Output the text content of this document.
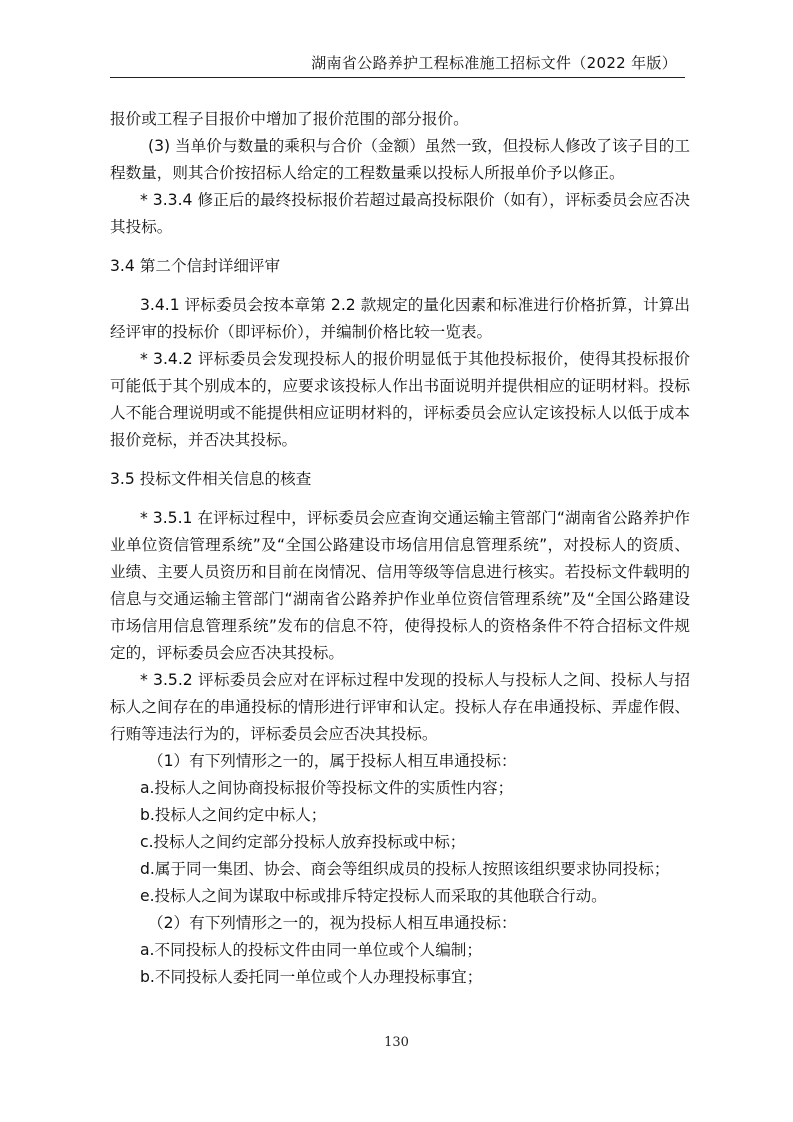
湖南省公路养护工程标准施工招标文件（2022 年版）

报价或工程子目报价中增加了报价范围的部分报价。

(3) 当单价与数量的乘积与合价（金额）虽然一致，但投标人修改了该子目的工程数量，则其合价按招标人给定的工程数量乘以投标人所报单价予以修正。

* 3.3.4 修正后的最终投标报价若超过最高投标限价（如有），评标委员会应否决其投标。

3.4 第二个信封详细评审

3.4.1 评标委员会按本章第 2.2 款规定的量化因素和标准进行价格折算，计算出经评审的投标价（即评标价），并编制价格比较一览表。

* 3.4.2 评标委员会发现投标人的报价明显低于其他投标报价，使得其投标报价可能低于其个别成本的，应要求该投标人作出书面说明并提供相应的证明材料。投标人不能合理说明或不能提供相应证明材料的，评标委员会应认定该投标人以低于成本报价竞标，并否决其投标。

3.5 投标文件相关信息的核查

* 3.5.1 在评标过程中，评标委员会应查询交通运输主管部门“湖南省公路养护作业单位资信管理系统”及“全国公路建设市场信用信息管理系统”，对投标人的资质、业绩、主要人员资历和目前在岗情况、信用等级等信息进行核实。若投标文件载明的信息与交通运输主管部门“湖南省公路养护作业单位资信管理系统”及“全国公路建设市场信用信息管理系统”发布的信息不符，使得投标人的资格条件不符合招标文件规定的，评标委员会应否决其投标。

* 3.5.2 评标委员会应对在评标过程中发现的投标人与投标人之间、投标人与招标人之间存在的串通投标的情形进行评审和认定。投标人存在串通投标、弄虚作假、行贿等违法行为的，评标委员会应否决其投标。

（1）有下列情形之一的，属于投标人相互串通投标：

a.投标人之间协商投标报价等投标文件的实质性内容；

b.投标人之间约定中标人；

c.投标人之间约定部分投标人放弃投标或中标；

d.属于同一集团、协会、商会等组织成员的投标人按照该组织要求协同投标；

e.投标人之间为谋取中标或排斥特定投标人而采取的其他联合行动。

（2）有下列情形之一的，视为投标人相互串通投标：

a.不同投标人的投标文件由同一单位或个人编制；

b.不同投标人委托同一单位或个人办理投标事宜；

130
